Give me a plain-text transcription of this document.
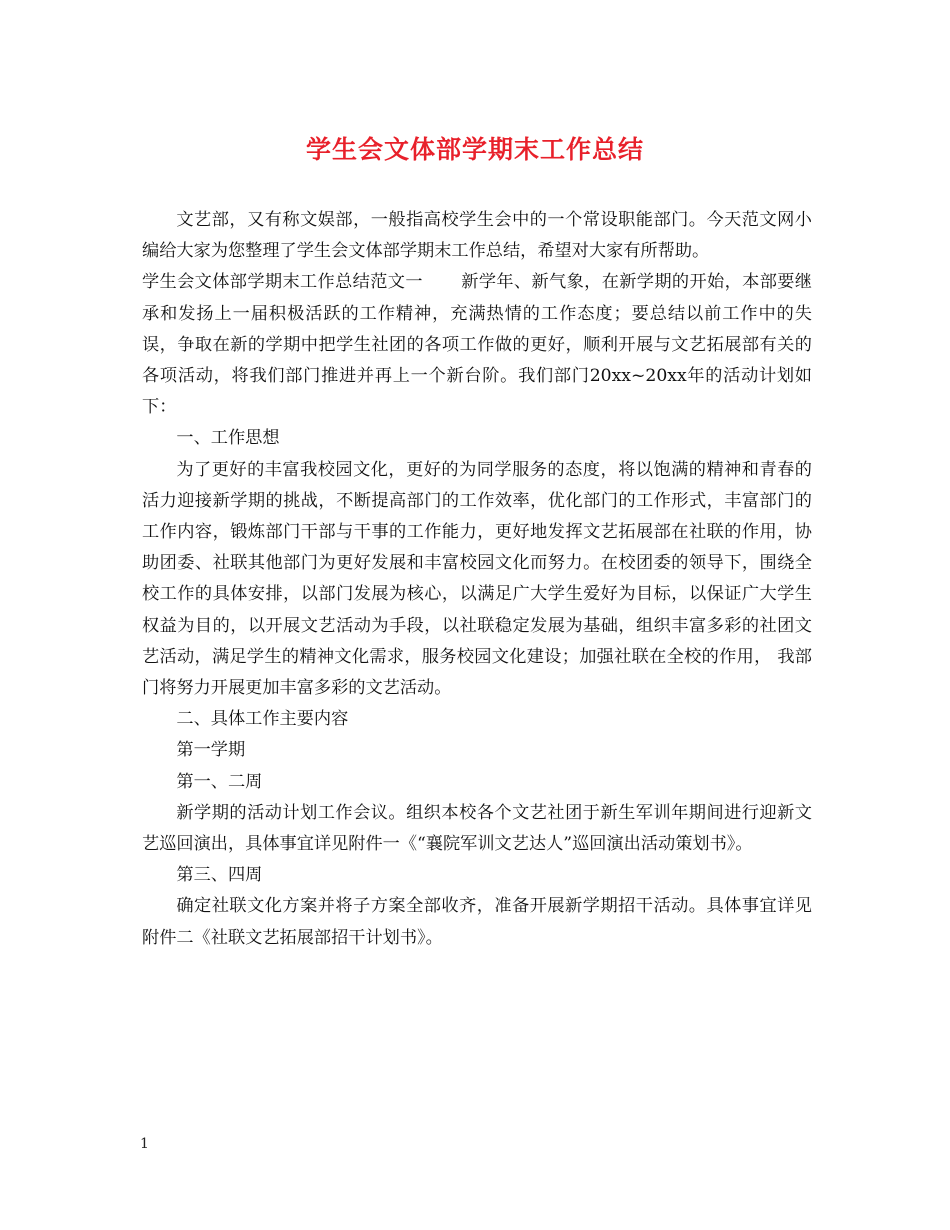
学生会文体部学期末工作总结

文艺部，又有称文娱部，一般指高校学生会中的一个常设职能部门。今天范文网小编给大家为您整理了学生会文体部学期末工作总结，希望对大家有所帮助。

学生会文体部学期末工作总结范文一 新学年、新气象，在新学期的开始，本部要继承和发扬上一届积极活跃的工作精神，充满热情的工作态度；要总结以前工作中的失误，争取在新的学期中把学生社团的各项工作做的更好，顺利开展与文艺拓展部有关的各项活动，将我们部门推进并再上一个新台阶。我们部门20xx~20xx年的活动计划如下：

一、工作思想

为了更好的丰富我校园文化，更好的为同学服务的态度，将以饱满的精神和青春的活力迎接新学期的挑战，不断提高部门的工作效率，优化部门的工作形式，丰富部门的工作内容，锻炼部门干部与干事的工作能力，更好地发挥文艺拓展部在社联的作用，协助团委、社联其他部门为更好发展和丰富校园文化而努力。在校团委的领导下，围绕全校工作的具体安排，以部门发展为核心，以满足广大学生爱好为目标，以保证广大学生权益为目的，以开展文艺活动为手段，以社联稳定发展为基础，组织丰富多彩的社团文艺活动，满足学生的精神文化需求，服务校园文化建设；加强社联在全校的作用， 我部门将努力开展更加丰富多彩的文艺活动。

二、具体工作主要内容

第一学期

第一、二周

新学期的活动计划工作会议。组织本校各个文艺社团于新生军训年期间进行迎新文艺巡回演出，具体事宜详见附件一《“襄院军训文艺达人”巡回演出活动策划书》。

第三、四周

确定社联文化方案并将子方案全部收齐，准备开展新学期招干活动。具体事宜详见附件二《社联文艺拓展部招干计划书》。

1
